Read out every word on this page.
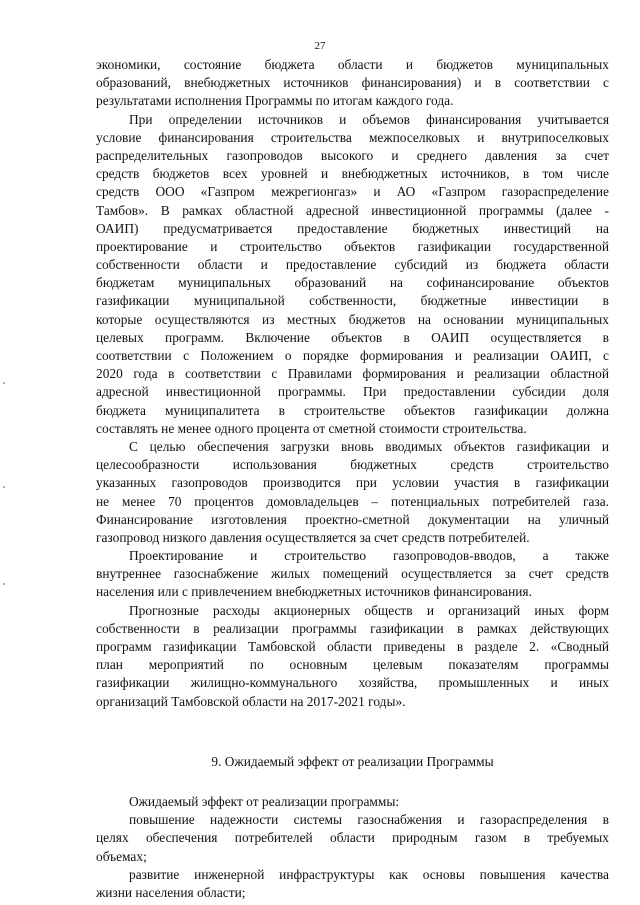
27
экономики, состояние бюджета области и бюджетов муниципальных
образований, внебюджетных источников финансирования) и в соответствии с
результатами исполнения Программы по итогам каждого года.
При определении источников и объемов финансирования учитывается
условие финансирования строительства межпоселковых и внутрипоселковых
распределительных газопроводов высокого и среднего давления за счет
средств бюджетов всех уровней и внебюджетных источников, в том числе
средств ООО «Газпром межрегионгаз» и АО «Газпром газораспределение
Тамбов». В рамках областной адресной инвестиционной программы (далее -
ОАИП) предусматривается предоставление бюджетных инвестиций на
проектирование и строительство объектов газификации государственной
собственности области и предоставление субсидий из бюджета области
бюджетам муниципальных образований на софинансирование объектов
газификации муниципальной собственности, бюджетные инвестиции в
которые осуществляются из местных бюджетов на основании муниципальных
целевых программ. Включение объектов в ОАИП осуществляется в
соответствии с Положением о порядке формирования и реализации ОАИП, с
2020 года в соответствии с Правилами формирования и реализации областной
адресной инвестиционной программы. При предоставлении субсидии доля
бюджета муниципалитета в строительстве объектов газификации должна
составлять не менее одного процента от сметной стоимости строительства.
С целью обеспечения загрузки вновь вводимых объектов газификации и
целесообразности использования бюджетных средств строительство
указанных газопроводов производится при условии участия в газификации
не менее 70 процентов домовладельцев – потенциальных потребителей газа.
Финансирование изготовления проектно-сметной документации на уличный
газопровод низкого давления осуществляется за счет средств потребителей.
Проектирование и строительство газопроводов-вводов, а также
внутреннее газоснабжение жилых помещений осуществляется за счет средств
населения или с привлечением внебюджетных источников финансирования.
Прогнозные расходы акционерных обществ и организаций иных форм
собственности в реализации программы газификации в рамках действующих
программ газификации Тамбовской области приведены в разделе 2. «Сводный
план мероприятий по основным целевым показателям программы
газификации жилищно-коммунального хозяйства, промышленных и иных
организаций Тамбовской области на 2017-2021 годы».
9. Ожидаемый эффект от реализации Программы
Ожидаемый эффект от реализации программы:
повышение надежности системы газоснабжения и газораспределения в
целях обеспечения потребителей области природным газом в требуемых
объемах;
развитие инженерной инфраструктуры как основы повышения качества
жизни населения области;
